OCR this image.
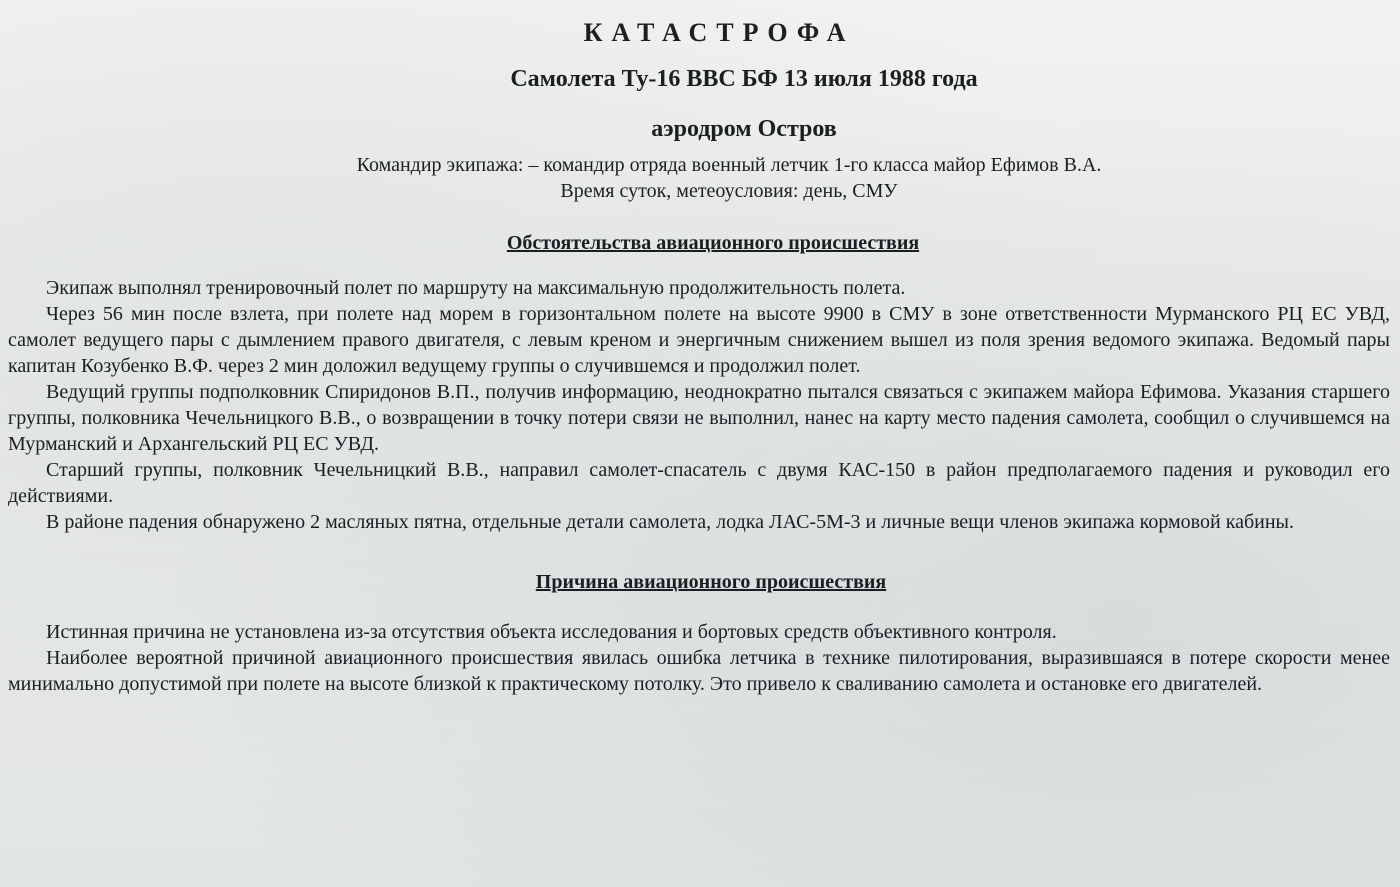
КАТАСТРОФА
Самолета Ту-16 ВВС БФ 13 июля 1988 года
аэродром Остров

Командир экипажа: – командир отряда военный летчик 1-го класса майор Ефимов В.А.

Время суток, метеоусловия: день, СМУ

Обстоятельства авиационного происшествия

Экипаж выполнял тренировочный полет по маршруту на максимальную продолжительность полета.

Через 56 мин после взлета, при полете над морем в горизонтальном полете на высоте 9900 в СМУ в зоне ответственности Мурманского РЦ ЕС УВД, самолет ведущего пары с дымлением правого двигателя, с левым креном и энергичным снижением вышел из поля зрения ведомого экипажа. Ведомый пары капитан Козубенко В.Ф. через 2 мин доложил ведущему группы о случившемся и продолжил полет.

Ведущий группы подполковник Спиридонов В.П., получив информацию, неоднократно пытался связаться с экипажем майора Ефимова. Указания старшего группы, полковника Чечельницкого В.В., о возвращении в точку потери связи не выполнил, нанес на карту место падения самолета, сообщил о случившемся на Мурманский и Архангельский РЦ ЕС УВД.

Старший группы, полковник Чечельницкий В.В., направил самолет-спасатель с двумя КАС-150 в район предполагаемого падения и руководил его действиями.

В районе падения обнаружено 2 масляных пятна, отдельные детали самолета, лодка ЛАС-5М-3 и личные вещи членов экипажа кормовой кабины.

Причина авиационного происшествия

Истинная причина не установлена из-за отсутствия объекта исследования и бортовых средств объективного контроля.

Наиболее вероятной причиной авиационного происшествия явилась ошибка летчика в технике пилотирования, выразившаяся в потере скорости менее минимально допустимой при полете на высоте близкой к практическому потолку. Это привело к сваливанию самолета и остановке его двигателей.
